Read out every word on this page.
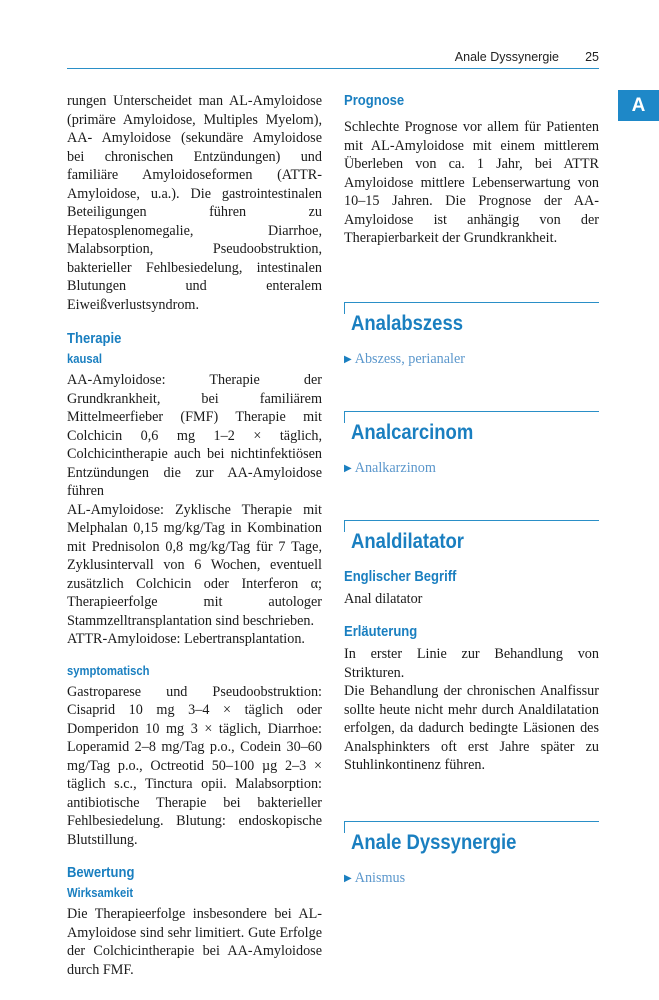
Anale Dyssynergie 25
A

rungen Unterscheidet man AL-Amyloidose (primäre Amyloidose, Multiples Myelom), AA- Amyloidose (sekundäre Amyloidose bei chronischen Entzündungen) und familiäre Amyloidoseformen (ATTR-Amyloidose, u.a.). Die gastrointestinalen Beteiligungen führen zu Hepatosplenomegalie, Diarrhoe, Malabsorption, Pseudoobstruktion, bakterieller Fehlbesiedelung, intestinalen Blutungen und enteralem Eiweißverlustsyndrom.

Therapie
kausal

AA-Amyloidose: Therapie der Grundkrankheit, bei familiärem Mittelmeerfieber (FMF) Therapie mit Colchicin 0,6 mg 1–2 × täglich, Colchicintherapie auch bei nichtinfektiösen Entzündungen die zur AA-Amyloidose führen

AL-Amyloidose: Zyklische Therapie mit Melphalan 0,15 mg/kg/Tag in Kombination mit Prednisolon 0,8 mg/kg/Tag für 7 Tage, Zyklusintervall von 6 Wochen, eventuell zusätzlich Colchicin oder Interferon α; Therapieerfolge mit autologer Stammzelltransplantation sind beschrieben.

ATTR-Amyloidose: Lebertransplantation.

symptomatisch

Gastroparese und Pseudoobstruktion: Cisaprid 10 mg 3–4 × täglich oder Domperidon 10 mg 3 × täglich, Diarrhoe: Loperamid 2–8 mg/Tag p.o., Codein 30–60 mg/Tag p.o., Octreotid 50–100 µg 2–3 × täglich s.c., Tinctura opii. Malabsorption: antibiotische Therapie bei bakterieller Fehlbesiedelung. Blutung: endoskopische Blutstillung.

Bewertung
Wirksamkeit

Die Therapieerfolge insbesondere bei AL-Amyloidose sind sehr limitiert. Gute Erfolge der Colchicintherapie bei AA-Amyloidose durch FMF.

Prognose

Schlechte Prognose vor allem für Patienten mit AL-Amyloidose mit einem mittlerem Überleben von ca. 1 Jahr, bei ATTR Amyloidose mittlere Lebenserwartung von 10–15 Jahren. Die Prognose der AA-Amyloidose ist anhängig von der Therapierbarkeit der Grundkrankheit.

Analabszess

▶ Abszess, perianaler

Analcarcinom

▶ Analkarzinom

Analdilatator
Englischer Begriff

Anal dilatator

Erläuterung

In erster Linie zur Behandlung von Strikturen.

Die Behandlung der chronischen Analfissur sollte heute nicht mehr durch Analdilatation erfolgen, da dadurch bedingte Läsionen des Analsphinkters oft erst Jahre später zu Stuhlinkontinenz führen.

Anale Dyssynergie

▶ Anismus
